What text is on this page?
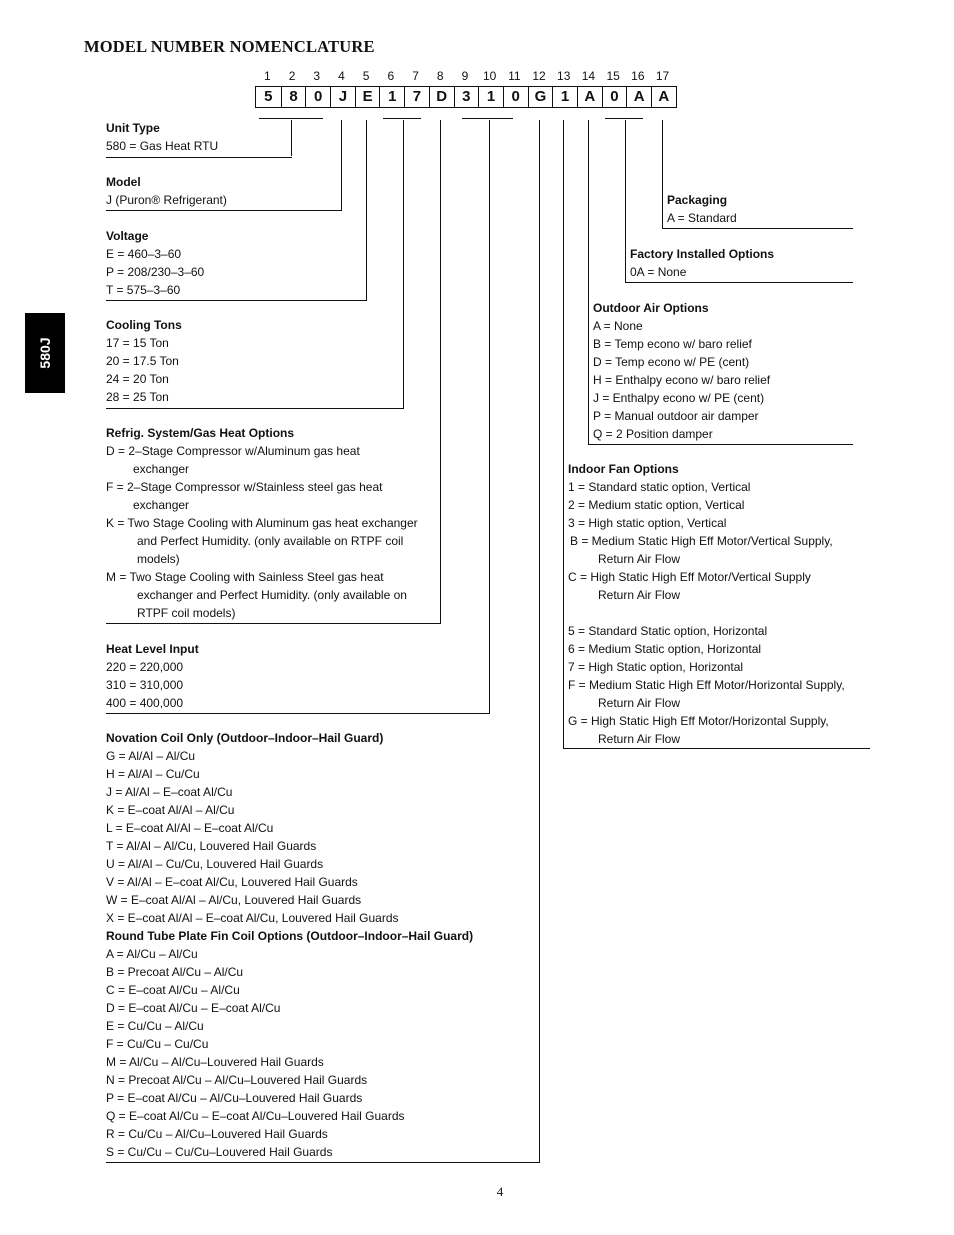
MODEL NUMBER NOMENCLATURE
580J
1	2	3	4	5	6	7	8	9	10 11 12 13 14 15 16 17
5	8	0	J	E	1	7	D	3	1	0 G 1	A	0	A A
Unit Type
580 = Gas Heat RTU
Model
J (Puron® Refrigerant)
Voltage
E = 460–3–60
P = 208/230–3–60
T = 575–3–60
Cooling Tons
17 = 15 Ton
20 = 17.5 Ton
24 = 20 Ton
28 = 25 Ton
Refrig. System/Gas Heat Options
D = 2–Stage Compressor w/Aluminum gas heat
exchanger
F = 2–Stage Compressor w/Stainless steel gas heat
exchanger
K = Two Stage Cooling with Aluminum gas heat exchanger
and Perfect Humidity. (only available on RTPF coil
models)
M = Two Stage Cooling with Sainless Steel gas heat
exchanger and Perfect Humidity. (only available on
RTPF coil models)
Heat Level Input
220 = 220,000
310 = 310,000
400 = 400,000
Novation Coil Only (Outdoor–Indoor–Hail Guard)
G = Al/Al – Al/Cu
H = Al/Al – Cu/Cu
J = Al/Al – E–coat Al/Cu
K = E–coat Al/Al – Al/Cu
L = E–coat Al/Al – E–coat Al/Cu
T = Al/Al – Al/Cu, Louvered Hail Guards
U = Al/Al – Cu/Cu, Louvered Hail Guards
V = Al/Al – E–coat Al/Cu, Louvered Hail Guards
W = E–coat Al/Al – Al/Cu, Louvered Hail Guards
X = E–coat Al/Al – E–coat Al/Cu, Louvered Hail Guards
Round Tube Plate Fin Coil Options (Outdoor–Indoor–Hail Guard)
A = Al/Cu – Al/Cu
B = Precoat Al/Cu – Al/Cu
C = E–coat Al/Cu – Al/Cu
D = E–coat Al/Cu – E–coat Al/Cu
E = Cu/Cu – Al/Cu
F = Cu/Cu – Cu/Cu
M = Al/Cu – Al/Cu–Louvered Hail Guards
N = Precoat Al/Cu – Al/Cu–Louvered Hail Guards
P = E–coat Al/Cu – Al/Cu–Louvered Hail Guards
Q = E–coat Al/Cu – E–coat Al/Cu–Louvered Hail Guards
R = Cu/Cu – Al/Cu–Louvered Hail Guards
S = Cu/Cu – Cu/Cu–Louvered Hail Guards
Packaging
A = Standard
Factory Installed Options
0A = None
Outdoor Air Options
A = None
B = Temp econo w/ baro relief
D = Temp econo w/ PE (cent)
H = Enthalpy econo w/ baro relief
J = Enthalpy econo w/ PE (cent)
P = Manual outdoor air damper
Q = 2 Position damper
Indoor Fan Options
1 = Standard static option, Vertical
2 = Medium static option, Vertical
3 = High static option, Vertical
B = Medium Static High Eff Motor/Vertical Supply,
Return Air Flow
C = High Static High Eff Motor/Vertical Supply
Return Air Flow
5 = Standard Static option, Horizontal
6 = Medium Static option, Horizontal
7 = High Static option, Horizontal
F = Medium Static High Eff Motor/Horizontal Supply,
Return Air Flow
G = High Static High Eff Motor/Horizontal Supply,
Return Air Flow
4
